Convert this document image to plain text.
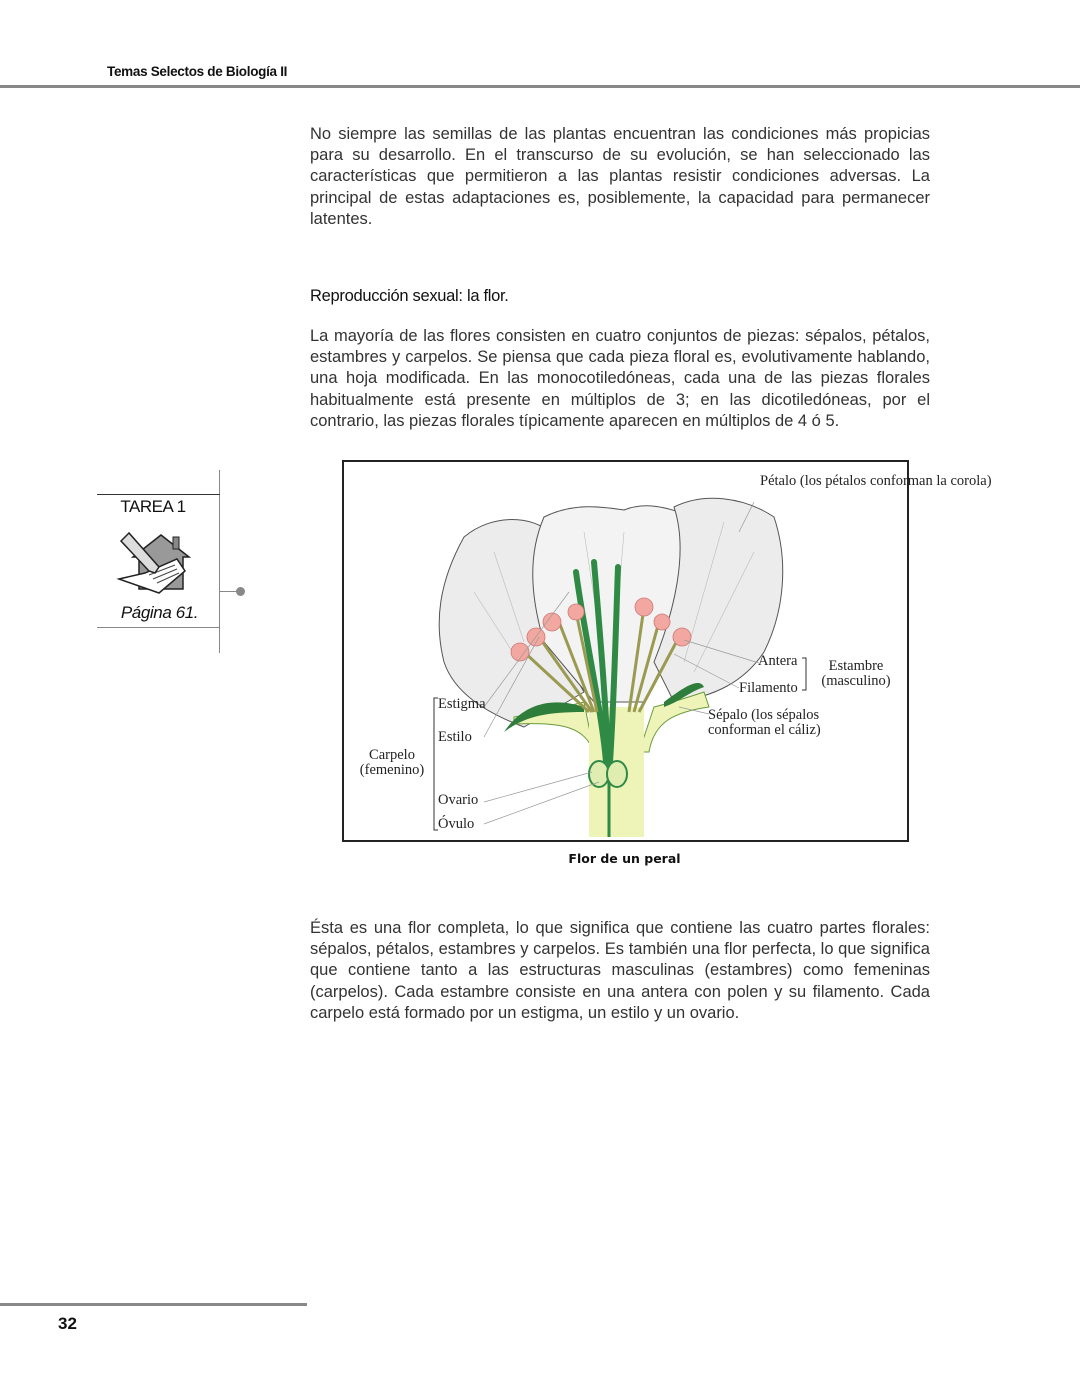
Temas Selectos de Biología II
No siempre las semillas de las plantas encuentran las condiciones más propicias para su desarrollo. En el transcurso de su evolución, se han seleccionado las características que permitieron a las plantas resistir condiciones adversas. La principal de estas adaptaciones es, posiblemente, la capacidad para permanecer latentes.
Reproducción sexual: la flor.
La mayoría de las flores consisten en cuatro conjuntos de piezas: sépalos, pétalos, estambres y carpelos. Se piensa que cada pieza floral es, evolutivamente hablando, una hoja modificada. En las monocotiledóneas, cada una de las piezas florales habitualmente está presente en múltiplos de 3; en las dicotiledóneas, por el contrario, las piezas florales típicamente aparecen en múltiplos de 4 ó 5.
Pétalo (los pétalos conforman la corola)
Antera
Filamento
Estambre (masculino)
Sépalo (los sépalos conforman el cáliz)
Estigma
Estilo
Carpelo (femenino)
Ovario
Óvulo
Flor de un peral
Ésta es una flor completa, lo que significa que contiene las cuatro partes florales: sépalos, pétalos, estambres y carpelos. Es también una flor perfecta, lo que significa que contiene tanto a las estructuras masculinas (estambres) como femeninas (carpelos). Cada estambre consiste en una antera con polen y su filamento. Cada carpelo está formado por un estigma, un estilo y un ovario.
TAREA 1
Página 61.
32
